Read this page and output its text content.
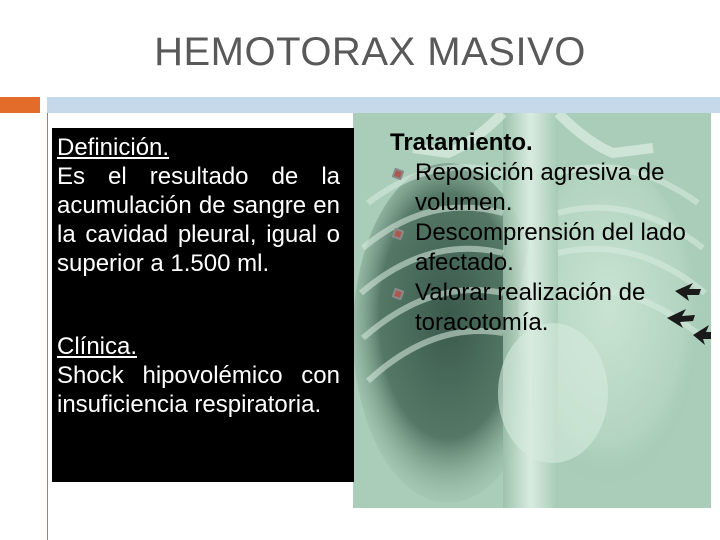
HEMOTORAX MASIVO

Definición.

Es el resultado de la acumulación de sangre en la cavidad pleural, igual o superior a 1.500 ml.

Clínica.

Shock hipovolémico con insuficiencia respiratoria.

Tratamiento.

Reposición agresiva de volumen.
Descomprensión del lado afectado.
Valorar realización de toracotomía.
